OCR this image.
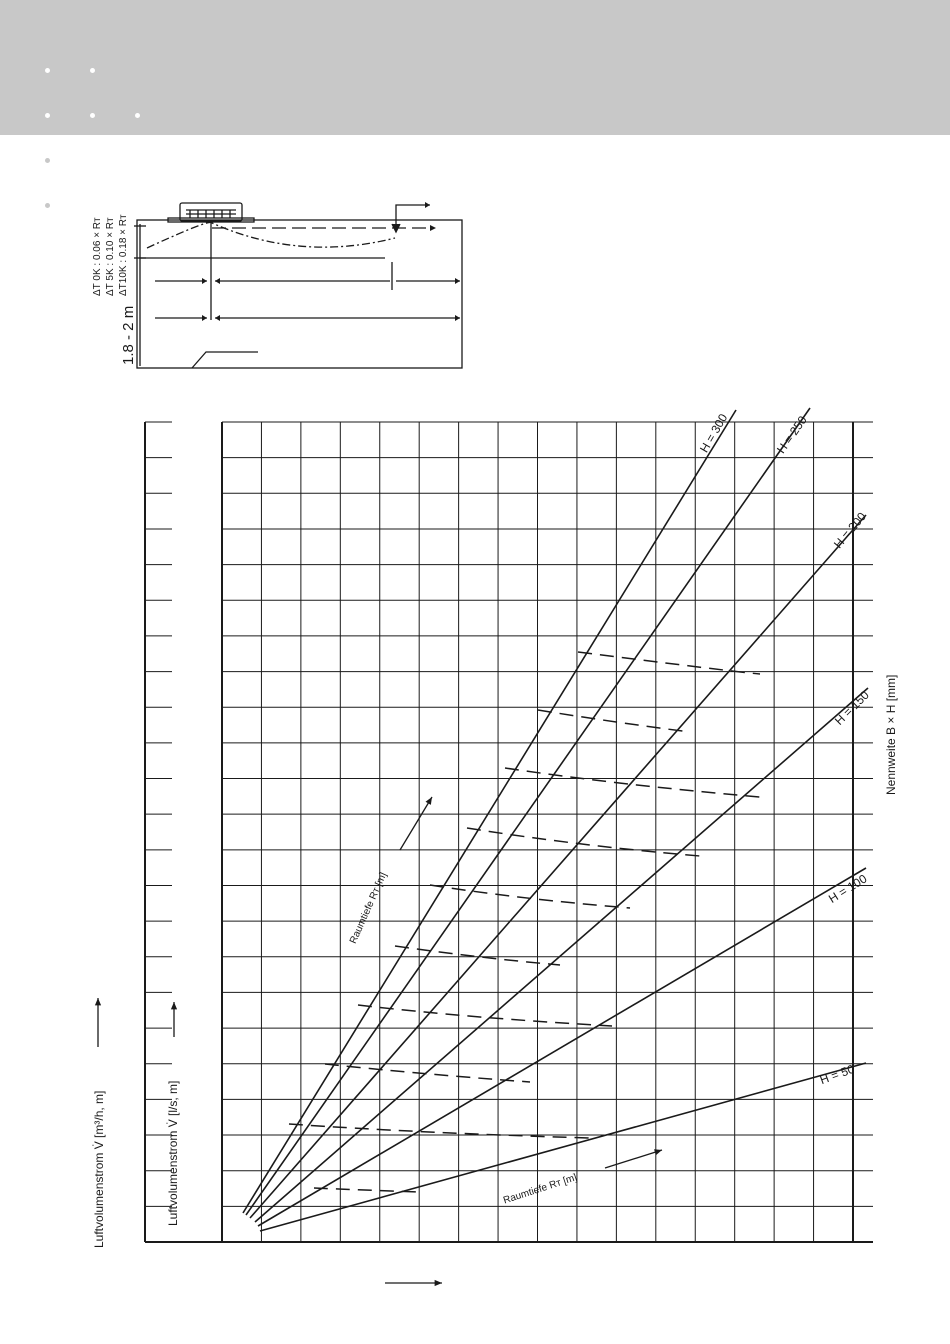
1.8 - 2 m
ΔT 0K : 0.06 × Rт ΔT 5K : 0.10 × Rт ΔT10K : 0.18 × Rт
H = 300	H = 250
H = 200
H = 150
H = 100
H = 50
Nennweite B × H [mm]
Luftvolumenstrom V̇ [m³/h, m]	Luftvolumenstrom V̇ [l/s, m]
Raumtiefe Rт [m]
Raumtiefe Rт [m]
